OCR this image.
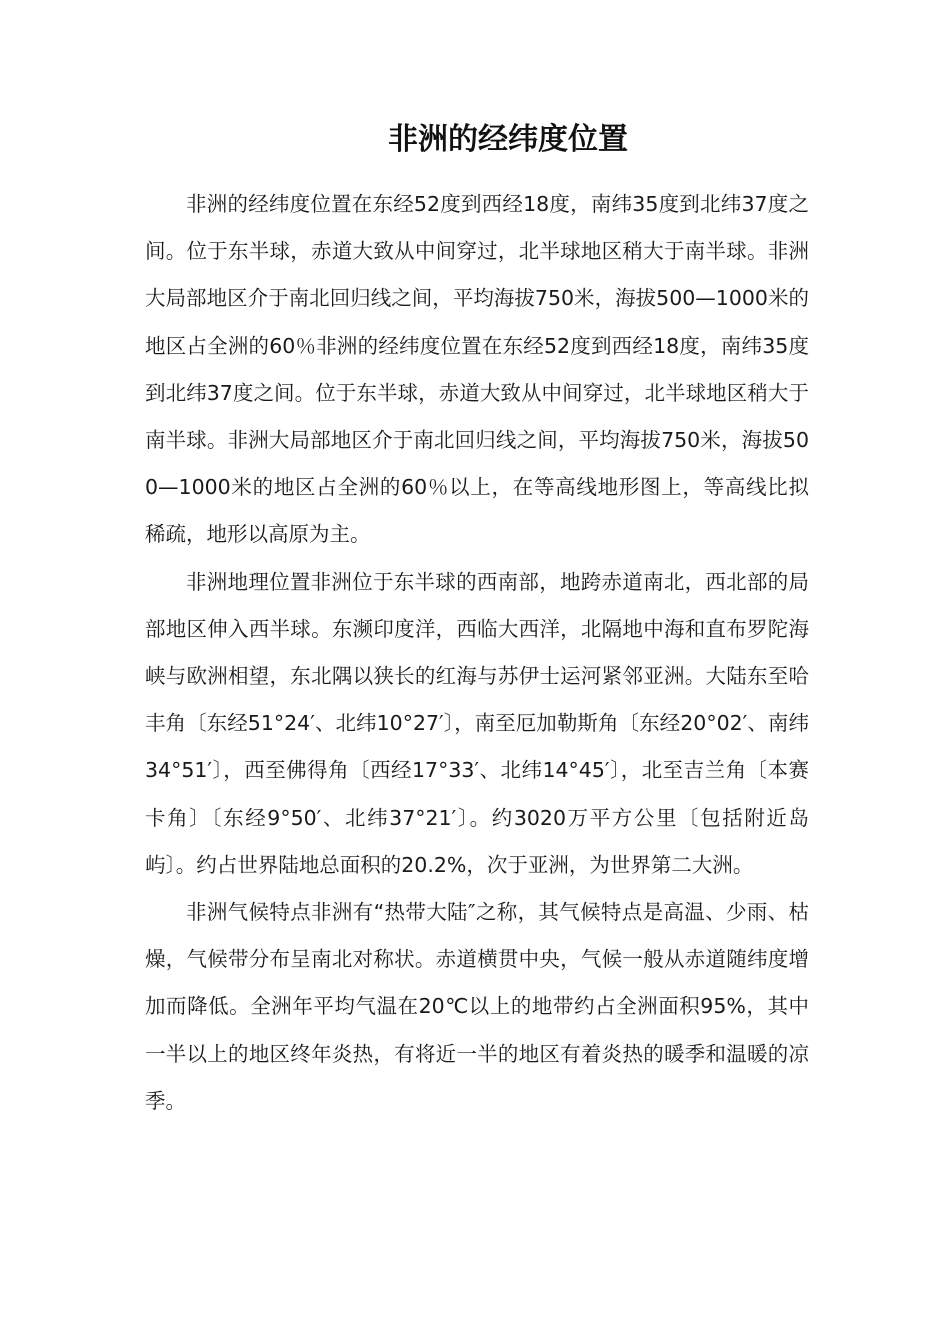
非洲的经纬度位置

非洲的经纬度位置在东经52度到西经18度，南纬35度到北纬37度之间。位于东半球，赤道大致从中间穿过，北半球地区稍大于南半球。非洲大局部地区介于南北回归线之间，平均海拔750米，海拔500—1000米的地区占全洲的60％非洲的经纬度位置在东经52度到西经18度，南纬35度到北纬37度之间。位于东半球，赤道大致从中间穿过，北半球地区稍大于南半球。非洲大局部地区介于南北回归线之间，平均海拔750米，海拔500—1000米的地区占全洲的60％以上，在等高线地形图上，等高线比拟稀疏，地形以高原为主。

非洲地理位置非洲位于东半球的西南部，地跨赤道南北，西北部的局部地区伸入西半球。东濒印度洋，西临大西洋，北隔地中海和直布罗陀海峡与欧洲相望，东北隅以狭长的红海与苏伊士运河紧邻亚洲。大陆东至哈丰角〔东经51°24′、北纬10°27′〕，南至厄加勒斯角〔东经20°02′、南纬34°51′〕，西至佛得角〔西经17°33′、北纬14°45′〕，北至吉兰角〔本赛卡角〕〔东经9°50′、北纬37°21′〕。约3020万平方公里〔包括附近岛屿〕。约占世界陆地总面积的20.2%，次于亚洲，为世界第二大洲。

非洲气候特点非洲有“热带大陆″之称，其气候特点是高温、少雨、枯燥，气候带分布呈南北对称状。赤道横贯中央，气候一般从赤道随纬度增加而降低。全洲年平均气温在20℃以上的地带约占全洲面积95%，其中一半以上的地区终年炎热，有将近一半的地区有着炎热的暖季和温暖的凉季。
